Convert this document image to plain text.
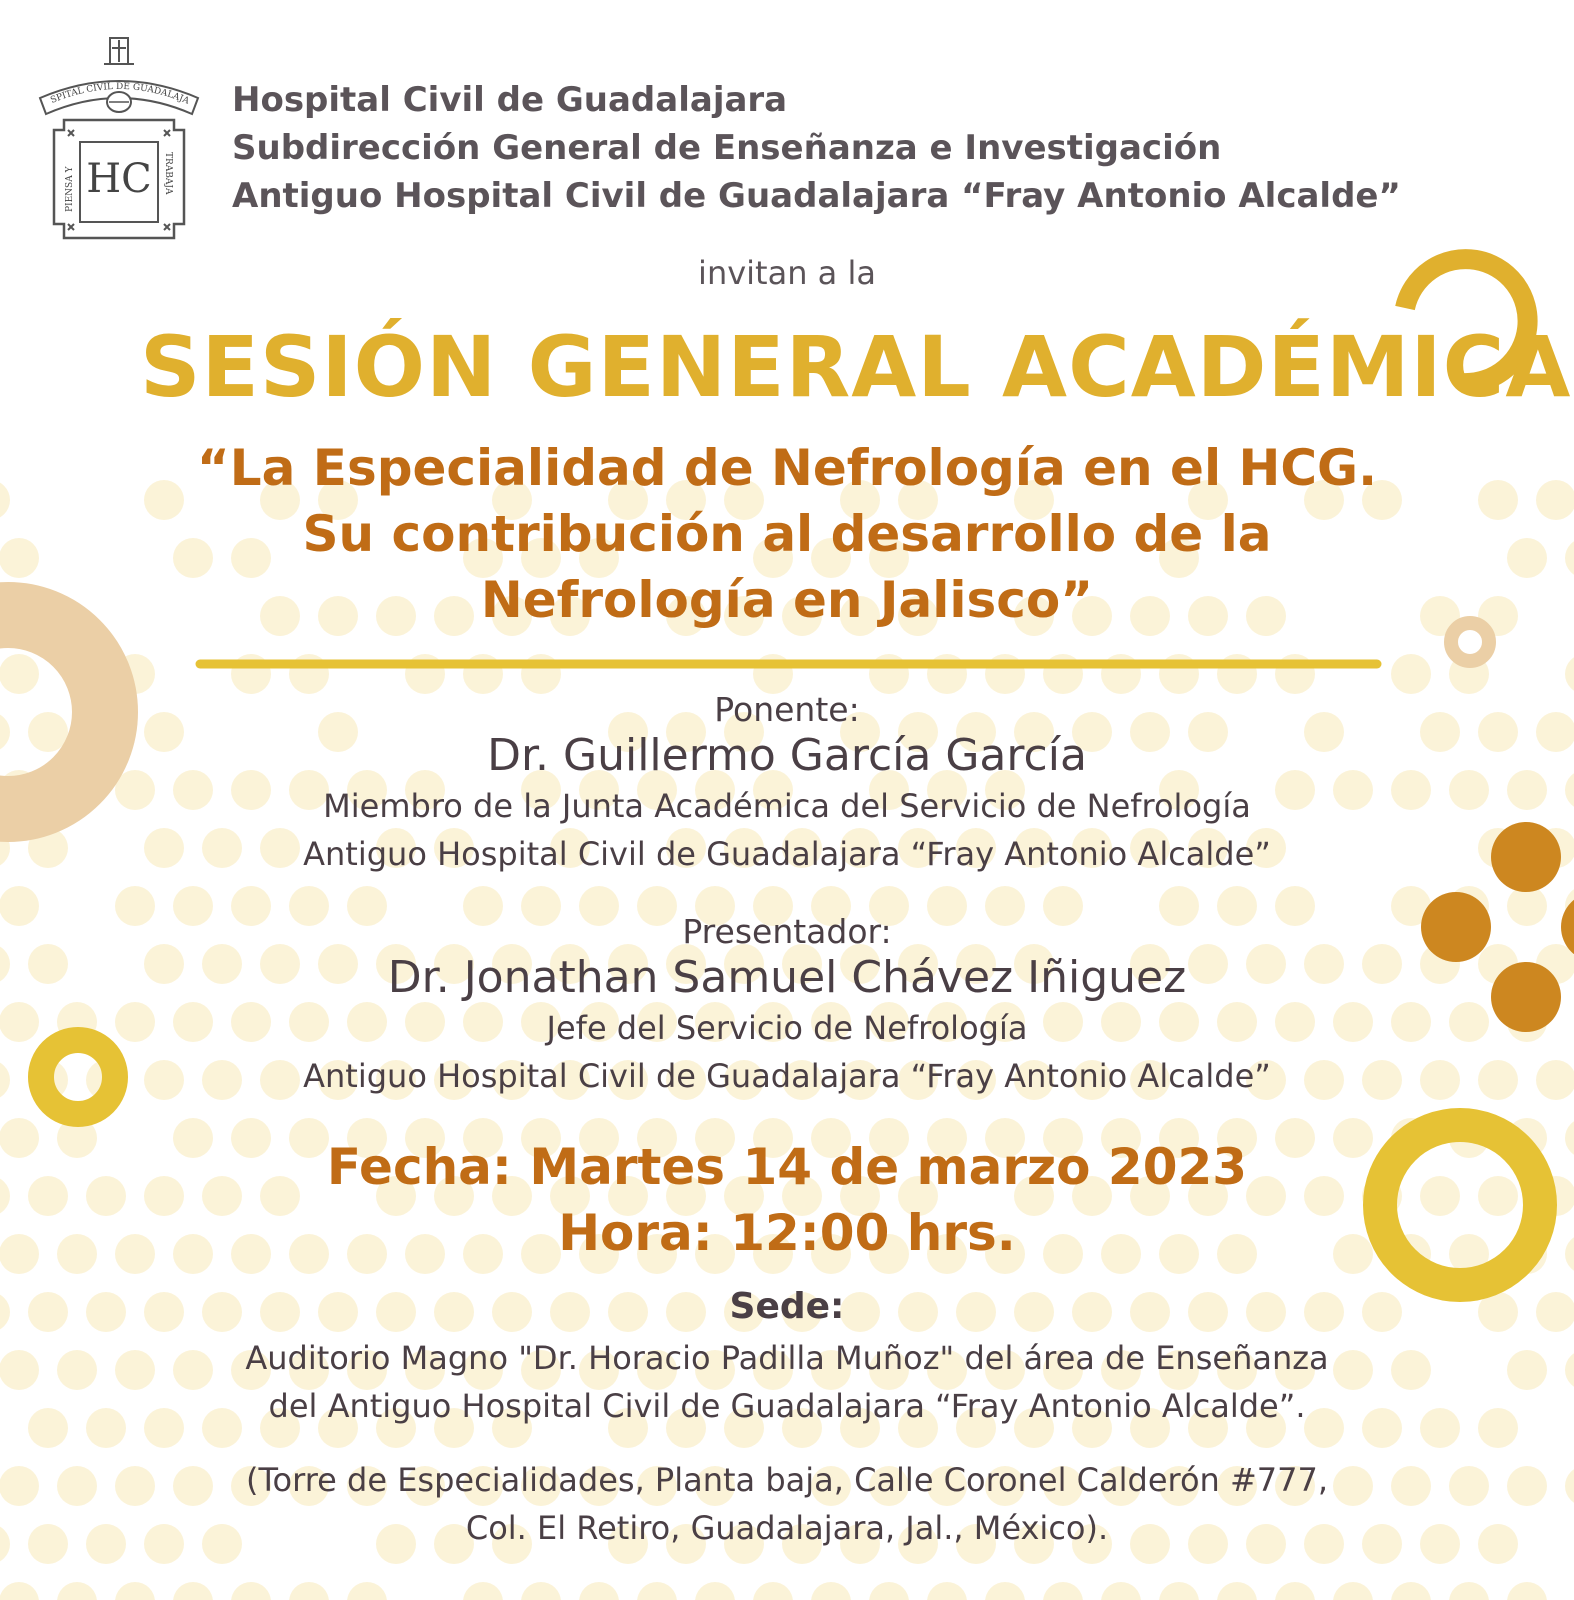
SPITAL CIVIL DE GUADALAJA
HC
PIENSA Y	TRABAJA
Hospital Civil de Guadalajara
Subdirección General de Enseñanza e Investigación
Antiguo Hospital Civil de Guadalajara “Fray Antonio Alcalde”
invitan a la
SESIÓN GENERAL ACADÉMICA
“La Especialidad de Nefrología en el HCG.
Su contribución al desarrollo de la
Nefrología en Jalisco”
Ponente:
Dr. Guillermo García García
Miembro de la Junta Académica del Servicio de Nefrología
Antiguo Hospital Civil de Guadalajara “Fray Antonio Alcalde”
Presentador:
Dr. Jonathan Samuel Chávez Iñiguez
Jefe del Servicio de Nefrología
Antiguo Hospital Civil de Guadalajara “Fray Antonio Alcalde”
Fecha: Martes 14 de marzo 2023
Hora: 12:00 hrs.
Sede:
Auditorio Magno "Dr. Horacio Padilla Muñoz" del área de Enseñanza
del Antiguo Hospital Civil de Guadalajara “Fray Antonio Alcalde”.
(Torre de Especialidades, Planta baja, Calle Coronel Calderón #777,
Col. El Retiro, Guadalajara, Jal., México).
